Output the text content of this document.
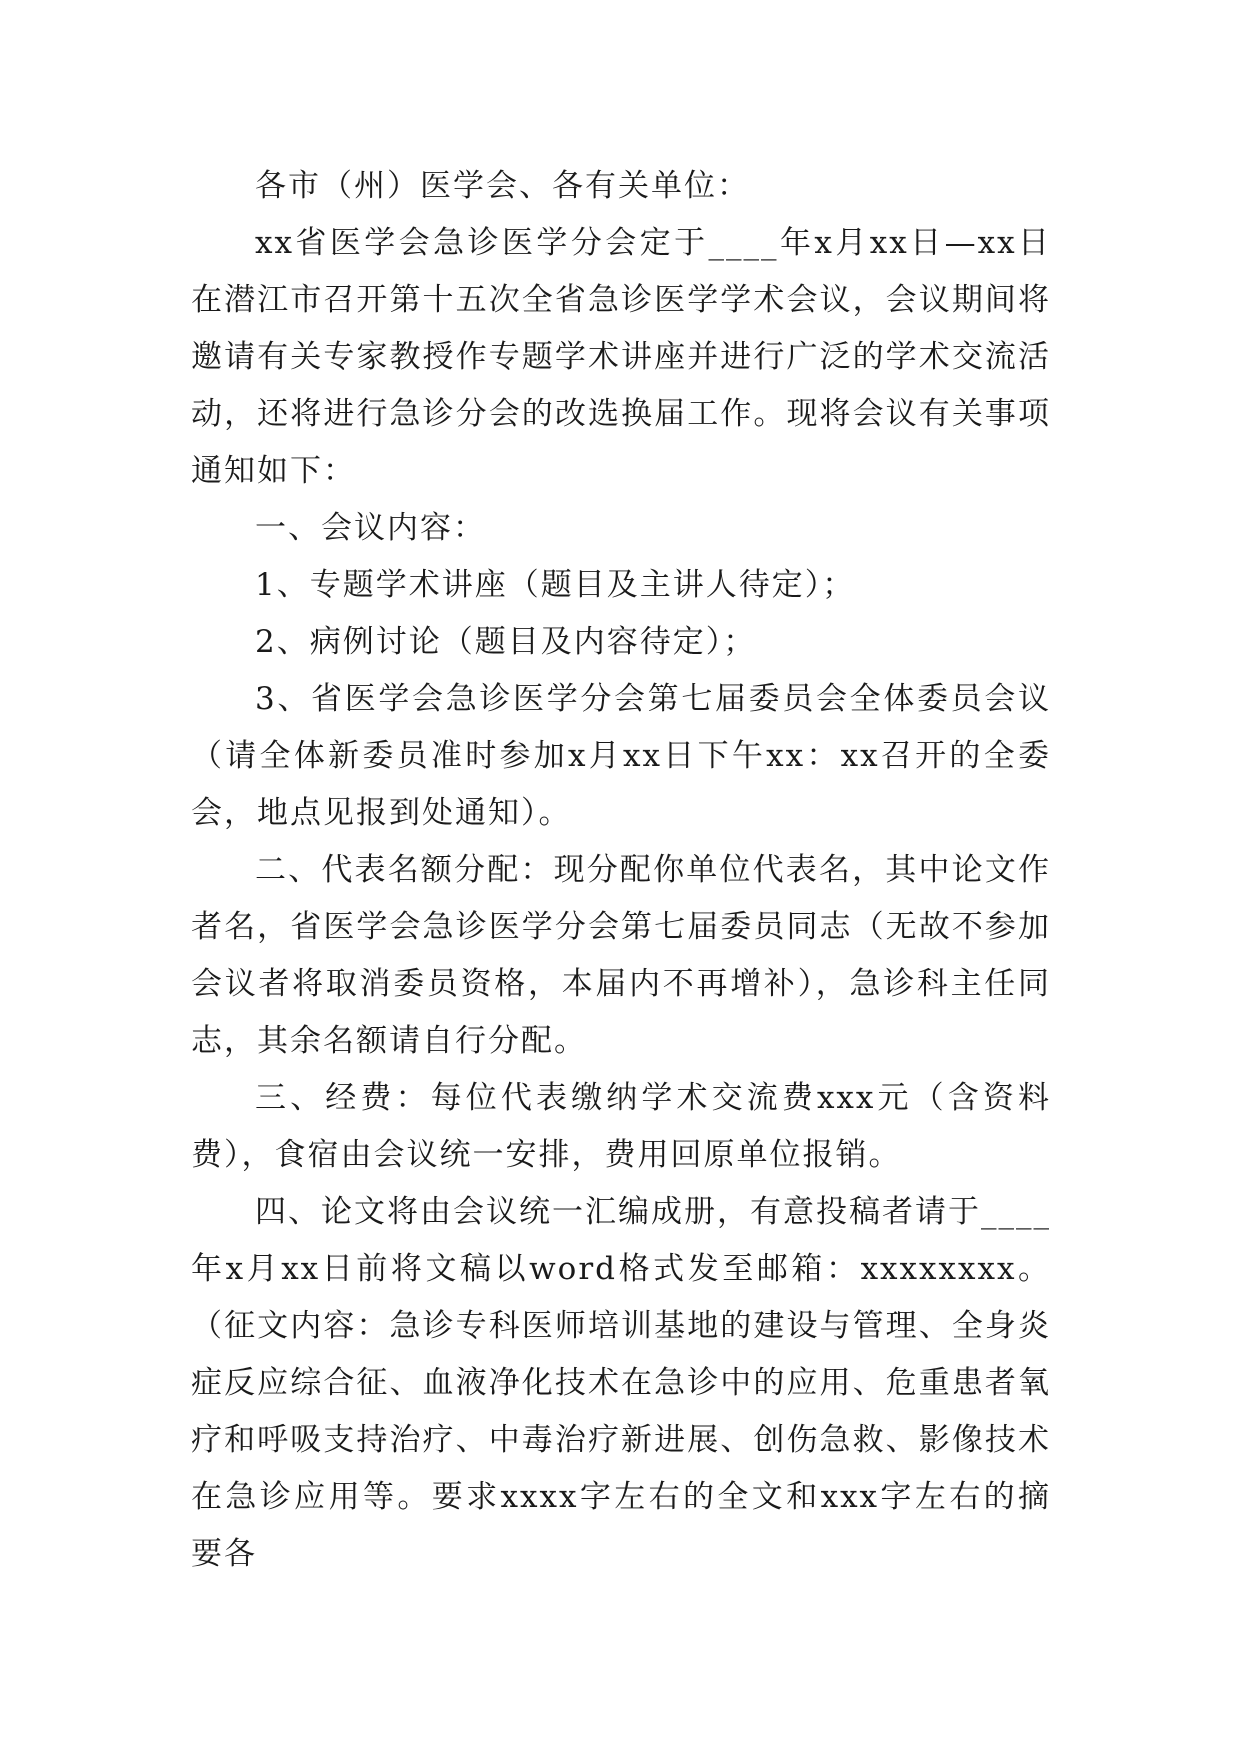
各市（州）医学会、各有关单位：

xx省医学会急诊医学分会定于____年x月xx日—xx日在潜江市召开第十五次全省急诊医学学术会议，会议期间将邀请有关专家教授作专题学术讲座并进行广泛的学术交流活动，还将进行急诊分会的改选换届工作。现将会议有关事项通知如下：

一、会议内容：

1、专题学术讲座（题目及主讲人待定）；

2、病例讨论（题目及内容待定）；

3、省医学会急诊医学分会第七届委员会全体委员会议（请全体新委员准时参加x月xx日下午xx：xx召开的全委会，地点见报到处通知）。

二、代表名额分配：现分配你单位代表名，其中论文作者名，省医学会急诊医学分会第七届委员同志（无故不参加会议者将取消委员资格，本届内不再增补），急诊科主任同志，其余名额请自行分配。

三、经费：每位代表缴纳学术交流费xxx元（含资料费），食宿由会议统一安排，费用回原单位报销。

四、论文将由会议统一汇编成册，有意投稿者请于____年x月xx日前将文稿以word格式发至邮箱：xxxxxxxx。（征文内容：急诊专科医师培训基地的建设与管理、全身炎症反应综合征、血液净化技术在急诊中的应用、危重患者氧疗和呼吸支持治疗、中毒治疗新进展、创伤急救、影像技术在急诊应用等。要求xxxx字左右的全文和xxx字左右的摘要各
